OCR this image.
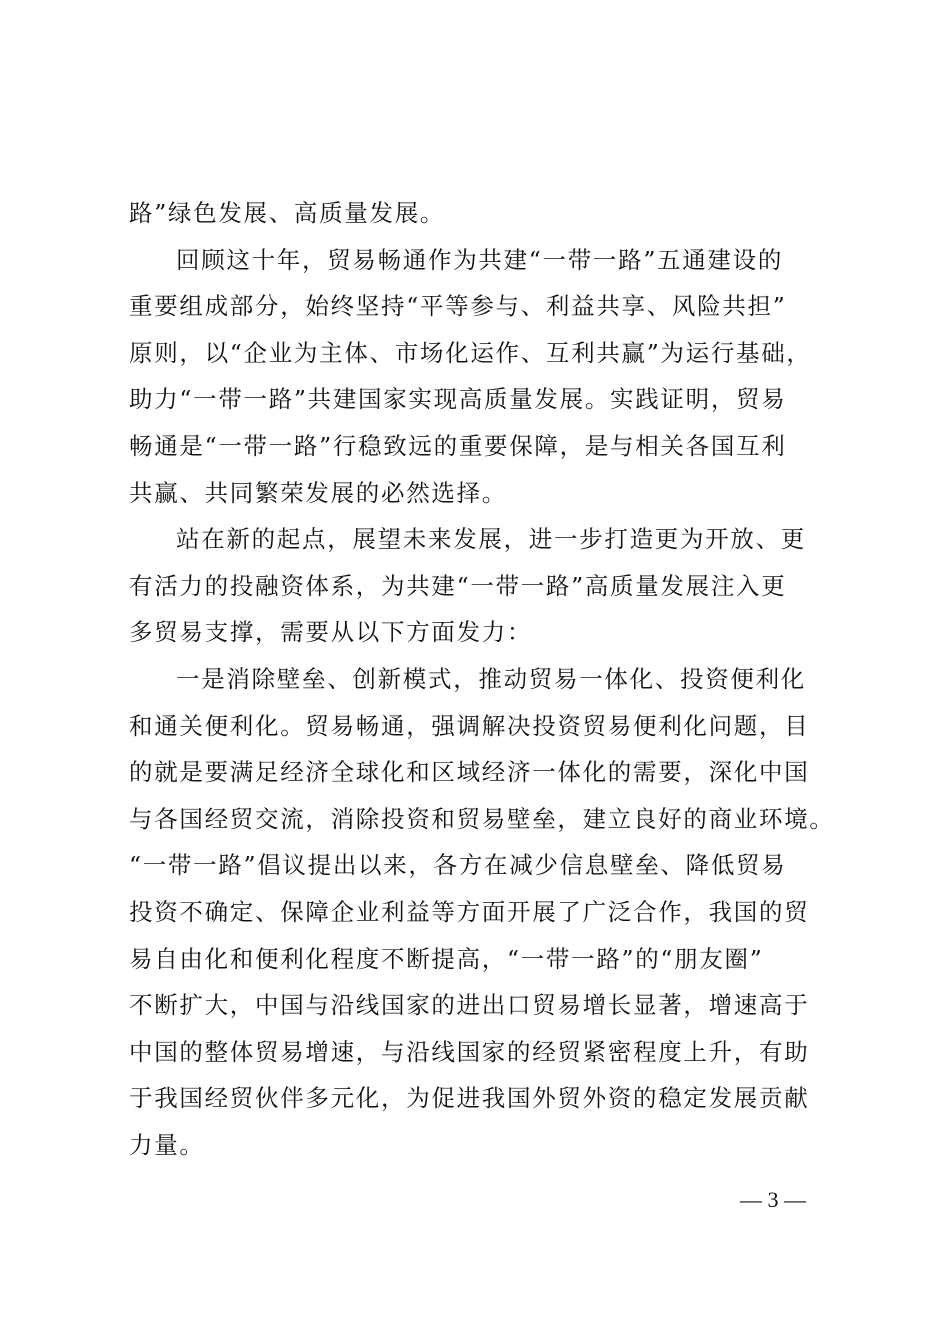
路”绿色发展、高质量发展。
回顾这十年，贸易畅通作为共建“一带一路”五通建设的
重要组成部分，始终坚持“平等参与、利益共享、风险共担”
原则，以“企业为主体、市场化运作、互利共赢”为运行基础，
助力“一带一路”共建国家实现高质量发展。实践证明，贸易
畅通是“一带一路”行稳致远的重要保障，是与相关各国互利
共赢、共同繁荣发展的必然选择。
站在新的起点，展望未来发展，进一步打造更为开放、更
有活力的投融资体系，为共建“一带一路”高质量发展注入更
多贸易支撑，需要从以下方面发力：
一是消除壁垒、创新模式，推动贸易一体化、投资便利化
和通关便利化。贸易畅通，强调解决投资贸易便利化问题，目
的就是要满足经济全球化和区域经济一体化的需要，深化中国
与各国经贸交流，消除投资和贸易壁垒，建立良好的商业环境。
“一带一路”倡议提出以来，各方在减少信息壁垒、降低贸易
投资不确定、保障企业利益等方面开展了广泛合作，我国的贸
易自由化和便利化程度不断提高，“一带一路”的“朋友圈”
不断扩大，中国与沿线国家的进出口贸易增长显著，增速高于
中国的整体贸易增速，与沿线国家的经贸紧密程度上升，有助
于我国经贸伙伴多元化，为促进我国外贸外资的稳定发展贡献
力量。
— 3 —
